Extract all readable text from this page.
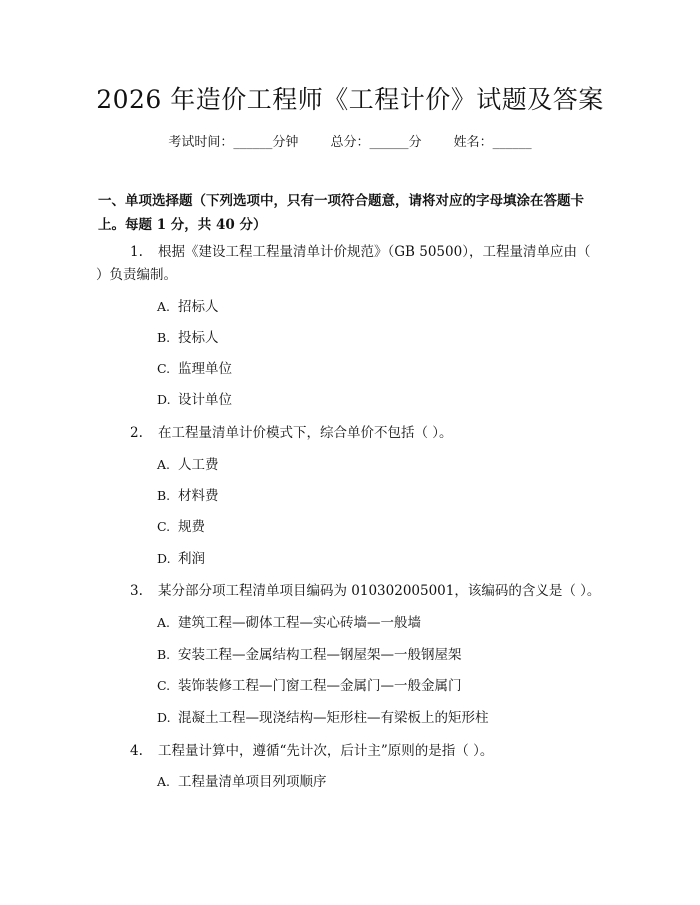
2026 年造价工程师《工程计价》试题及答案
考试时间：______分钟 总分：______分 姓名：______
一、单项选择题（下列选项中，只有一项符合题意，请将对应的字母填涂在答题卡上。每题 1 分，共 40 分）
1.	根据《建设工程工程量清单计价规范》（GB 50500），工程量清单应由（ ）负责编制。
A. 招标人
B. 投标人
C. 监理单位
D. 设计单位
2. 在工程量清单计价模式下，综合单价不包括（ ）。
A. 人工费
B. 材料费
C. 规费
D. 利润
3. 某分部分项工程清单项目编码为 010302005001，该编码的含义是（ ）。
A. 建筑工程—砌体工程—实心砖墙—一般墙
B. 安装工程—金属结构工程—钢屋架—一般钢屋架
C. 装饰装修工程—门窗工程—金属门—一般金属门
D. 混凝土工程—现浇结构—矩形柱—有梁板上的矩形柱
4. 工程量计算中，遵循“先计次，后计主”原则的是指（ ）。
A. 工程量清单项目列项顺序
